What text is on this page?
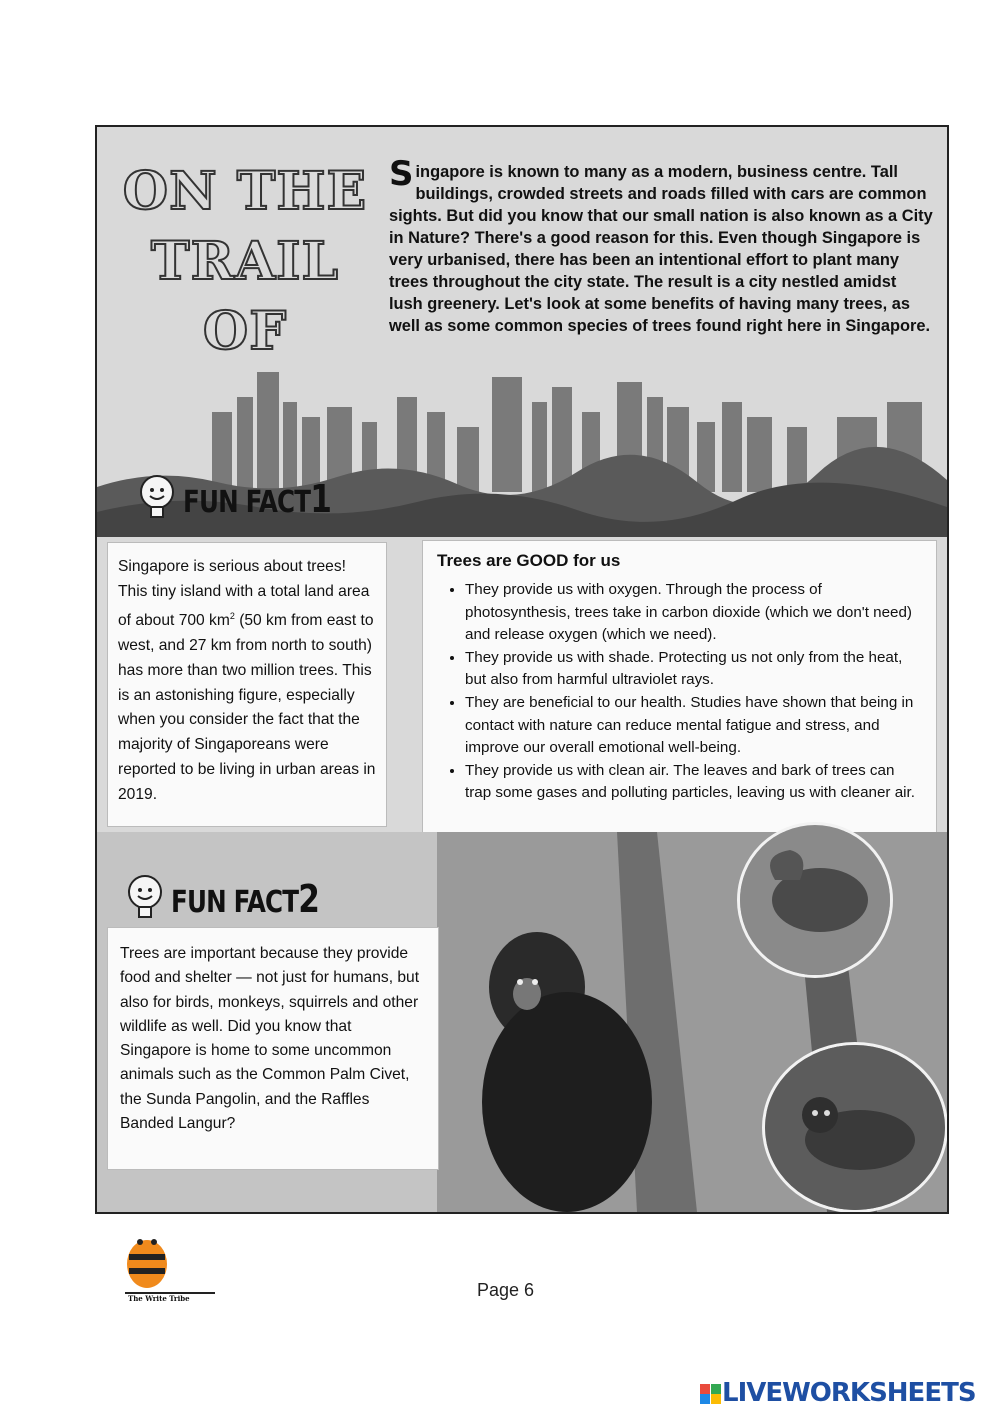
ON THE
TRAIL OF
Singapore is known to many as a modern, business centre. Tall buildings, crowded streets and roads filled with cars are common sights. But did you know that our small nation is also known as a City in Nature? There's a good reason for this. Even though Singapore is very urbanised, there has been an intentional effort to plant many trees throughout the city state. The result is a city nestled amidst lush greenery. Let's look at some benefits of having many trees, as well as some common species of trees found right here in Singapore.
FUN FACT1
Singapore is serious about trees! This tiny island with a total land area of about 700 $km^2$ (50 km from east to west, and 27 km from north to south) has more than two million trees. This is an astonishing figure, especially when you consider the fact that the majority of Singaporeans were reported to be living in urban areas in 2019.
Trees are GOOD for us
• They provide us with oxygen. Through the process of photosynthesis, trees take in carbon dioxide (which we don't need) and release oxygen (which we need).
• They provide us with shade. Protecting us not only from the heat, but also from harmful ultraviolet rays.
• They are beneficial to our health. Studies have shown that being in contact with nature can reduce mental fatigue and stress, and improve our overall emotional well-being.
• They provide us with clean air. The leaves and bark of trees can trap some gases and polluting particles, leaving us with cleaner air.
FUN FACT2
Trees are important because they provide food and shelter — not just for humans, but also for birds, monkeys, squirrels and other wildlife as well. Did you know that Singapore is home to some uncommon animals such as the Common Palm Civet, the Sunda Pangolin, and the Raffles Banded Langur?
The Write Tribe	Page 6

LIVEWORKSHEETS
